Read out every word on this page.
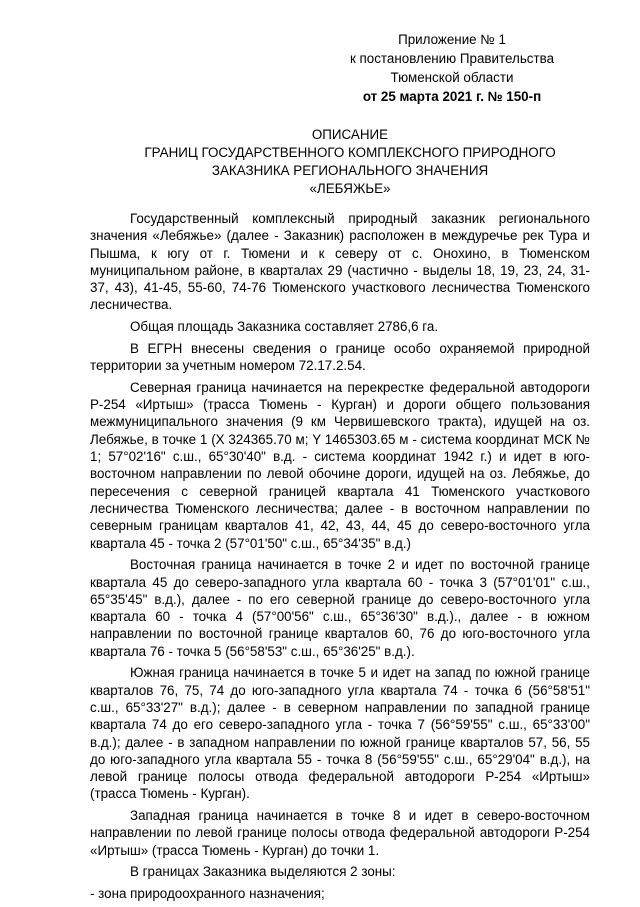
Приложение № 1
к постановлению Правительства
Тюменской области
от 25 марта 2021 г. № 150-п
ОПИСАНИЕ
ГРАНИЦ ГОСУДАРСТВЕННОГО КОМПЛЕКСНОГО ПРИРОДНОГО
ЗАКАЗНИКА РЕГИОНАЛЬНОГО ЗНАЧЕНИЯ
«ЛЕБЯЖЬЕ»

Государственный комплексный природный заказник регионального значения «Лебяжье» (далее - Заказник) расположен в междуречье рек Тура и Пышма, к югу от г. Тюмени и к северу от с. Онохино, в Тюменском муниципальном районе, в кварталах 29 (частично - выделы 18, 19, 23, 24, 31-37, 43), 41-45, 55-60, 74-76 Тюменского участкового лесничества Тюменского лесничества.

Общая площадь Заказника составляет 2786,6 га.

В ЕГРН внесены сведения о границе особо охраняемой природной территории за учетным номером 72.17.2.54.

Северная граница начинается на перекрестке федеральной автодороги Р-254 «Иртыш» (трасса Тюмень - Курган) и дороги общего пользования межмуниципального значения (9 км Червишевского тракта), идущей на оз. Лебяжье, в точке 1 (X 324365.70 м; Y 1465303.65 м - система координат МСК № 1; 57°02'16" с.ш., 65°30'40" в.д. - система координат 1942 г.) и идет в юго-восточном направлении по левой обочине дороги, идущей на оз. Лебяжье, до пересечения с северной границей квартала 41 Тюменского участкового лесничества Тюменского лесничества; далее - в восточном направлении по северным границам кварталов 41, 42, 43, 44, 45 до северо-восточного угла квартала 45 - точка 2 (57°01'50" с.ш., 65°34'35" в.д.)

Восточная граница начинается в точке 2 и идет по восточной границе квартала 45 до северо-западного угла квартала 60 - точка 3 (57°01'01" с.ш., 65°35'45" в.д.), далее - по его северной границе до северо-восточного угла квартала 60 - точка 4 (57°00'56" с.ш., 65°36'30" в.д.)., далее - в южном направлении по восточной границе кварталов 60, 76 до юго-восточного угла квартала 76 - точка 5 (56°58'53" с.ш., 65°36'25" в.д.).

Южная граница начинается в точке 5 и идет на запад по южной границе кварталов 76, 75, 74 до юго-западного угла квартала 74 - точка 6 (56°58'51" с.ш., 65°33'27" в.д.); далее - в северном направлении по западной границе квартала 74 до его северо-западного угла - точка 7 (56°59'55" с.ш., 65°33'00" в.д.); далее - в западном направлении по южной границе кварталов 57, 56, 55 до юго-западного угла квартала 55 - точка 8 (56°59'55" с.ш., 65°29'04" в.д.), на левой границе полосы отвода федеральной автодороги Р-254 «Иртыш» (трасса Тюмень - Курган).

Западная граница начинается в точке 8 и идет в северо-восточном направлении по левой границе полосы отвода федеральной автодороги Р-254 «Иртыш» (трасса Тюмень - Курган) до точки 1.

В границах Заказника выделяются 2 зоны:

- зона природоохранного назначения;
